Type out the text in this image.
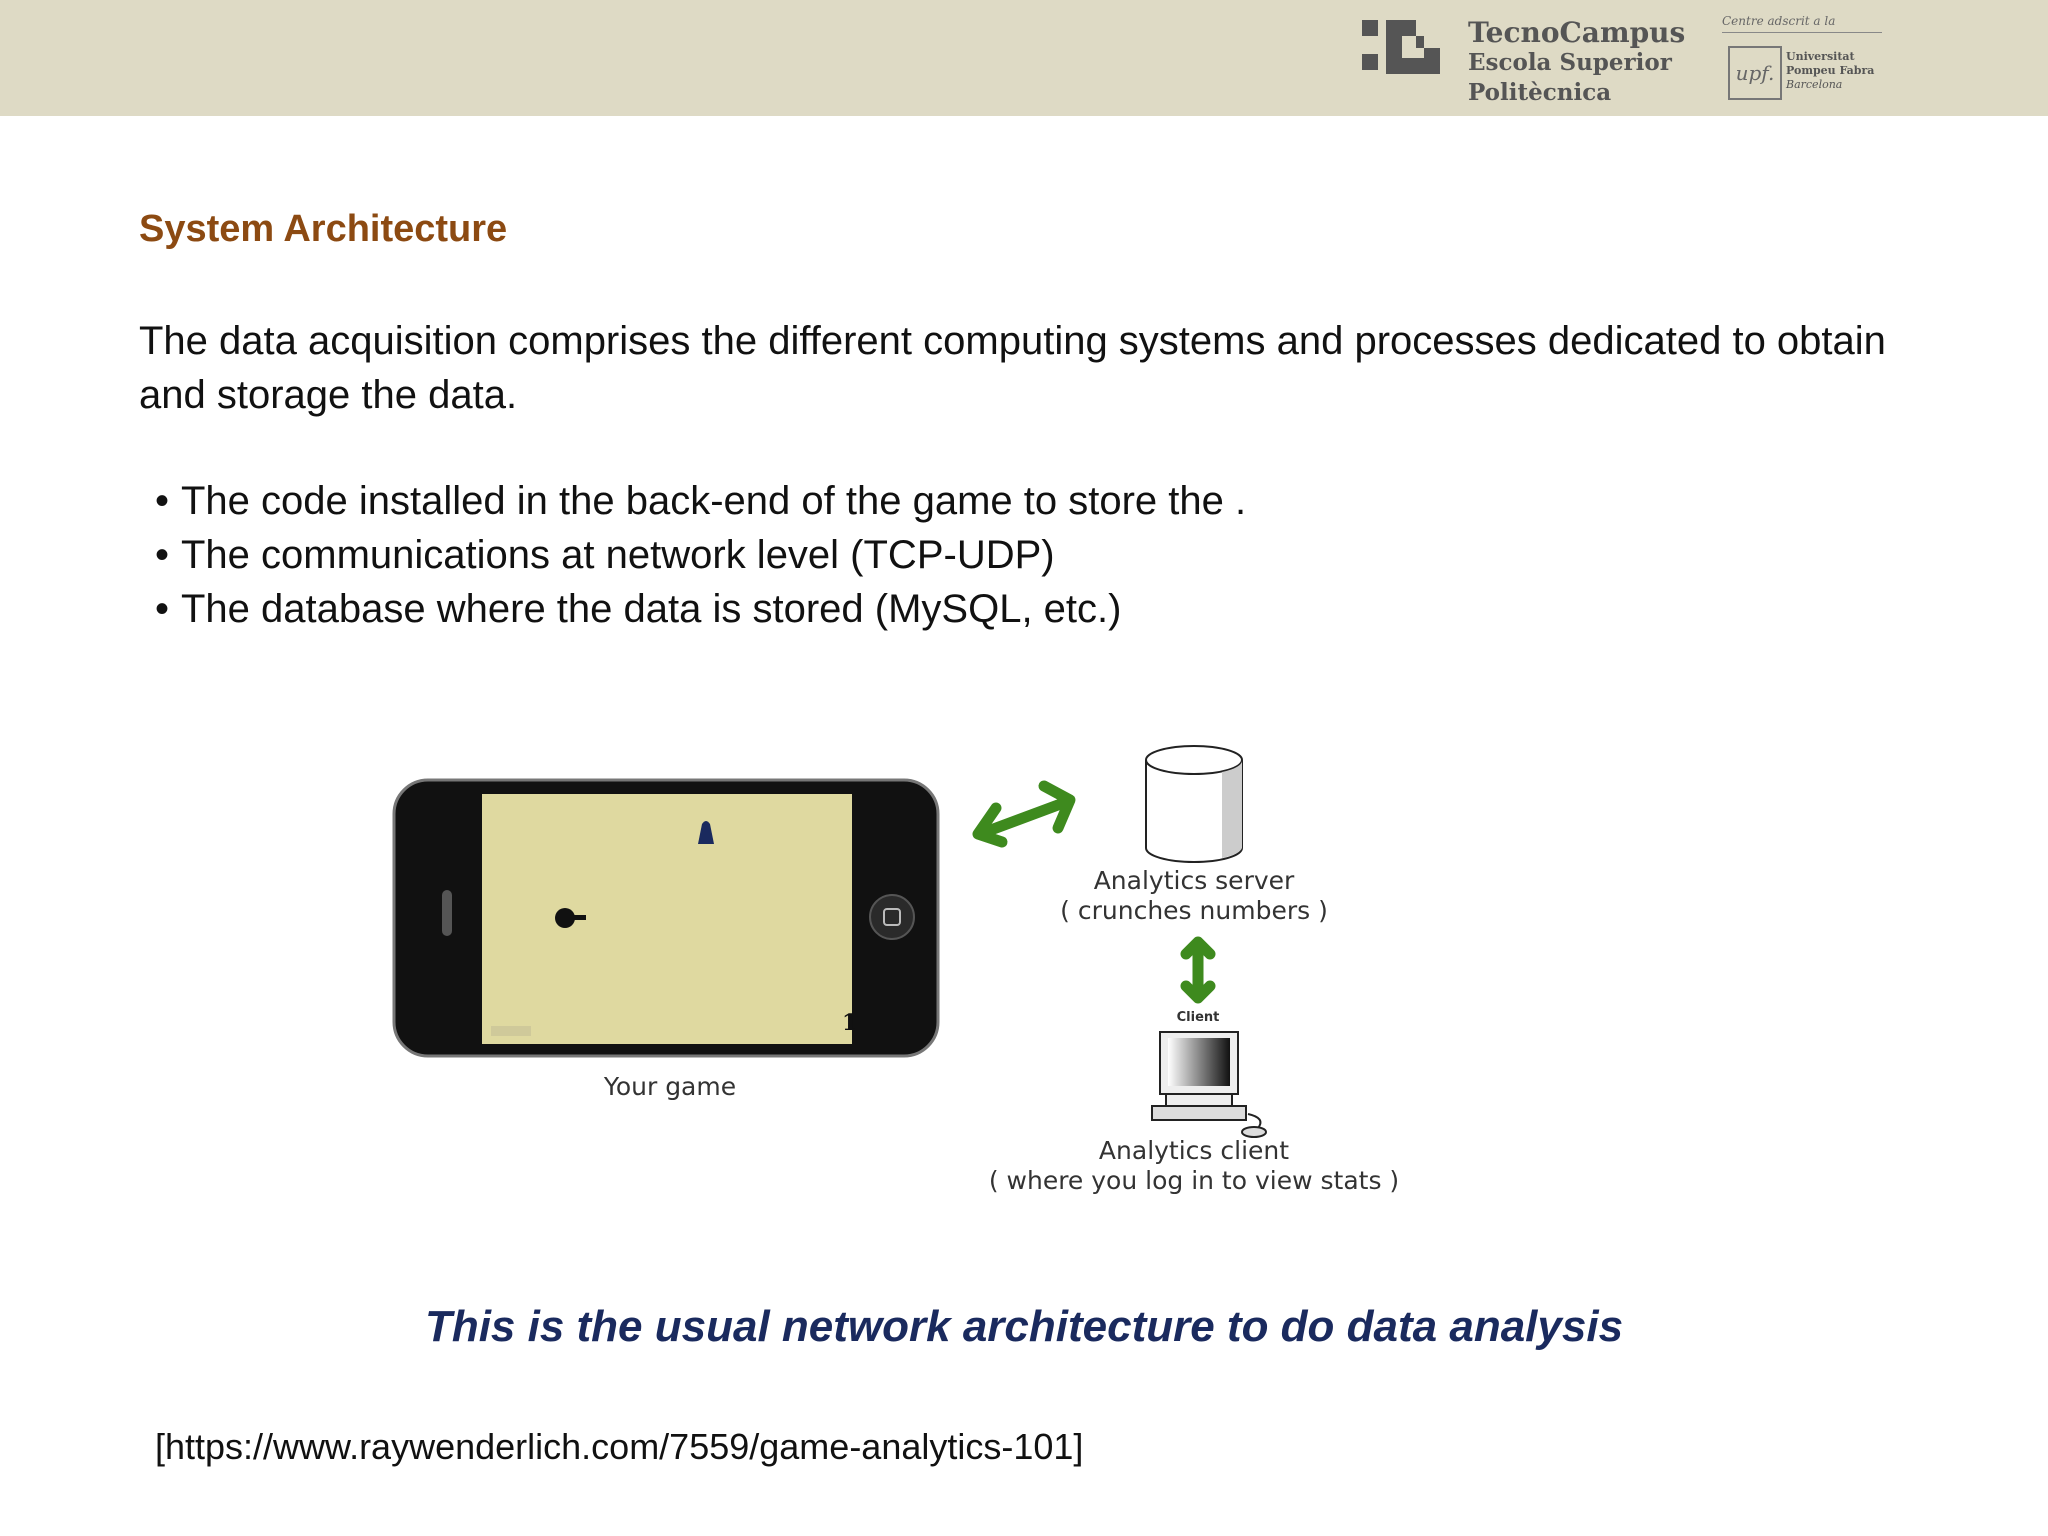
TecnoCampus
Escola Superior
Politècnica
Centre adscrit a la
upf.
Universitat
Pompeu Fabra
Barcelona
System Architecture
The data acquisition comprises the different computing systems and processes dedicated to obtain and storage the data.
• The code installed in the back-end of the game to store the .
• The communications at network level (TCP-UDP)
• The database where the data is stored (MySQL, etc.)
1
Your game
Analytics server
( crunches numbers )
Client
Analytics client
( where you log in to view stats )
This is the usual network architecture to do data analysis
[https://www.raywenderlich.com/7559/game-analytics-101]
